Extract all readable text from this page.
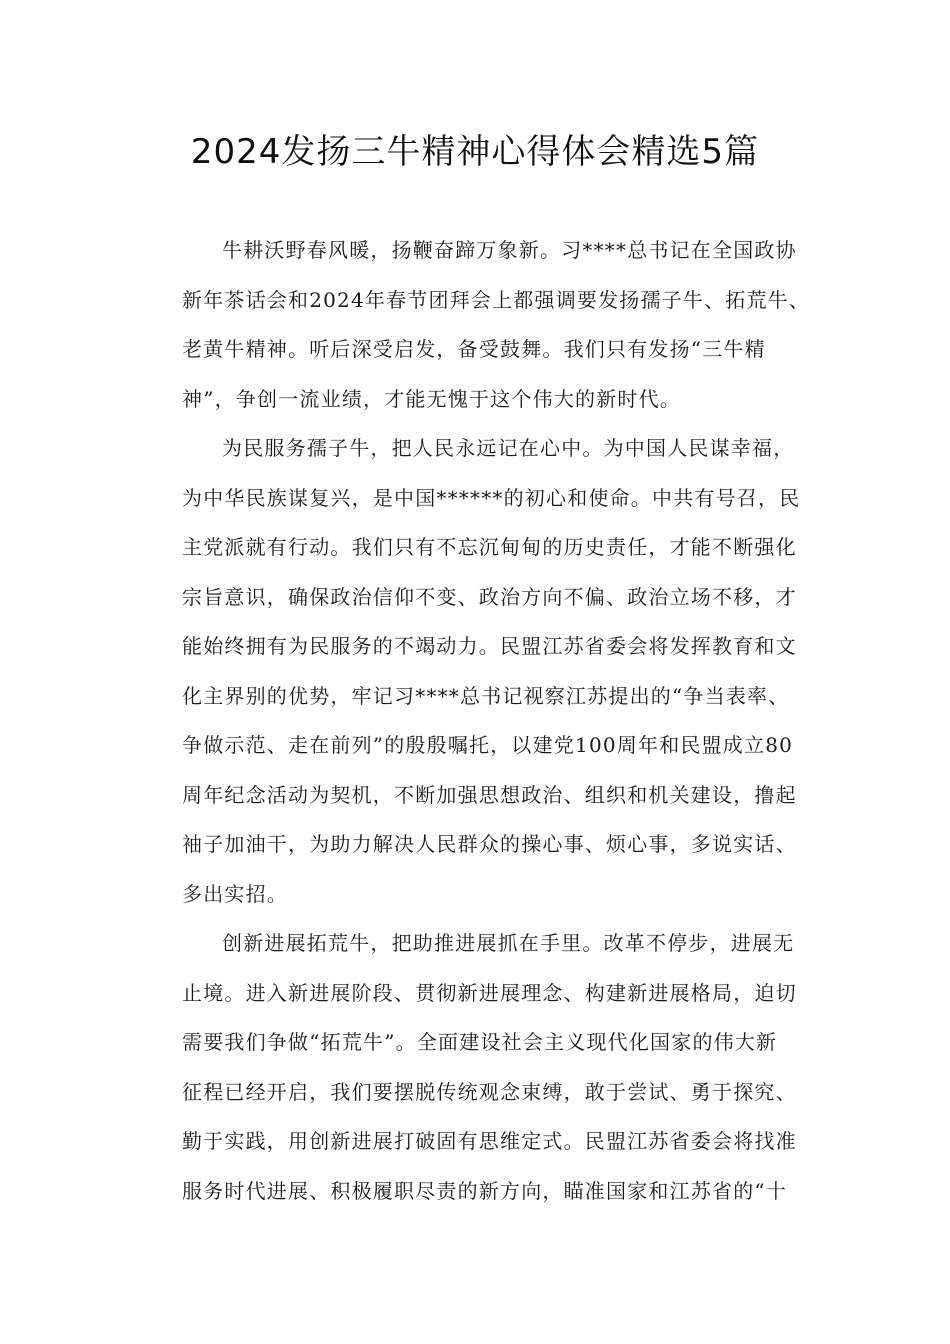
2024发扬三牛精神心得体会精选5篇
牛耕沃野春风暖，扬鞭奋蹄万象新。习****总书记在全国政协
新年茶话会和2024年春节团拜会上都强调要发扬孺子牛、拓荒牛、
老黄牛精神。听后深受启发，备受鼓舞。我们只有发扬“三牛精
神”，争创一流业绩，才能无愧于这个伟大的新时代。
为民服务孺子牛，把人民永远记在心中。为中国人民谋幸福，
为中华民族谋复兴，是中国******的初心和使命。中共有号召，民
主党派就有行动。我们只有不忘沉甸甸的历史责任，才能不断强化
宗旨意识，确保政治信仰不变、政治方向不偏、政治立场不移，才
能始终拥有为民服务的不竭动力。民盟江苏省委会将发挥教育和文
化主界别的优势，牢记习****总书记视察江苏提出的“争当表率、
争做示范、走在前列”的殷殷嘱托，以建党100周年和民盟成立80
周年纪念活动为契机，不断加强思想政治、组织和机关建设，撸起
袖子加油干，为助力解决人民群众的操心事、烦心事，多说实话、
多出实招。
创新进展拓荒牛，把助推进展抓在手里。改革不停步，进展无
止境。进入新进展阶段、贯彻新进展理念、构建新进展格局，迫切
需要我们争做“拓荒牛”。全面建设社会主义现代化国家的伟大新
征程已经开启，我们要摆脱传统观念束缚，敢于尝试、勇于探究、
勤于实践，用创新进展打破固有思维定式。民盟江苏省委会将找准
服务时代进展、积极履职尽责的新方向，瞄准国家和江苏省的“十
